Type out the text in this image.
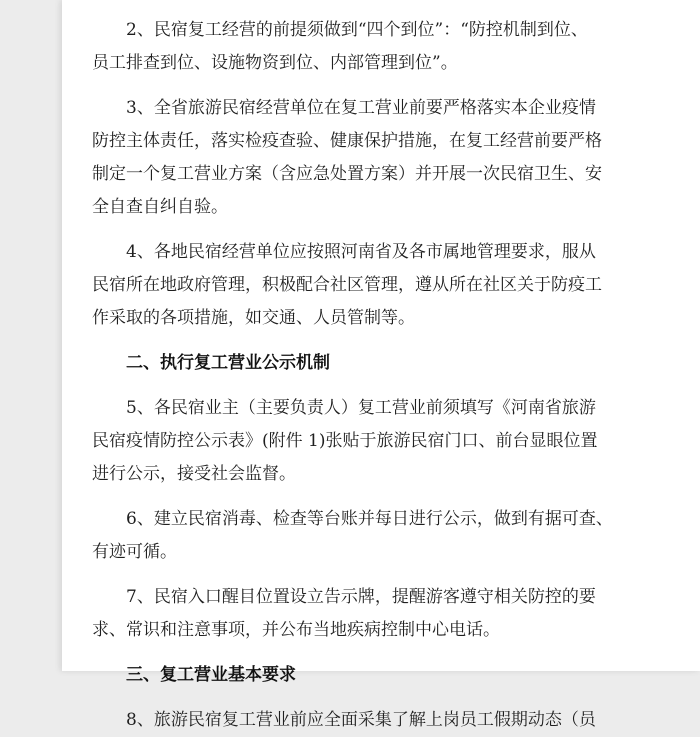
2、民宿复工经营的前提须做到“四个到位”：“防控机制到位、
员工排查到位、设施物资到位、内部管理到位”。
3、全省旅游民宿经营单位在复工营业前要严格落实本企业疫情
防控主体责任，落实检疫查验、健康保护措施，在复工经营前要严格
制定一个复工营业方案（含应急处置方案）并开展一次民宿卫生、安
全自查自纠自验。
4、各地民宿经营单位应按照河南省及各市属地管理要求，服从
民宿所在地政府管理，积极配合社区管理，遵从所在社区关于防疫工
作采取的各项措施，如交通、人员管制等。
二、执行复工营业公示机制
5、各民宿业主（主要负责人）复工营业前须填写《河南省旅游
民宿疫情防控公示表》(附件 1)张贴于旅游民宿门口、前台显眼位置
进行公示，接受社会监督。
6、建立民宿消毒、检查等台账并每日进行公示，做到有据可查、
有迹可循。
7、民宿入口醒目位置设立告示牌，提醒游客遵守相关防控的要
求、常识和注意事项，并公布当地疾病控制中心电话。
三、复工营业基本要求
8、旅游民宿复工营业前应全面采集了解上岗员工假期动态（员
